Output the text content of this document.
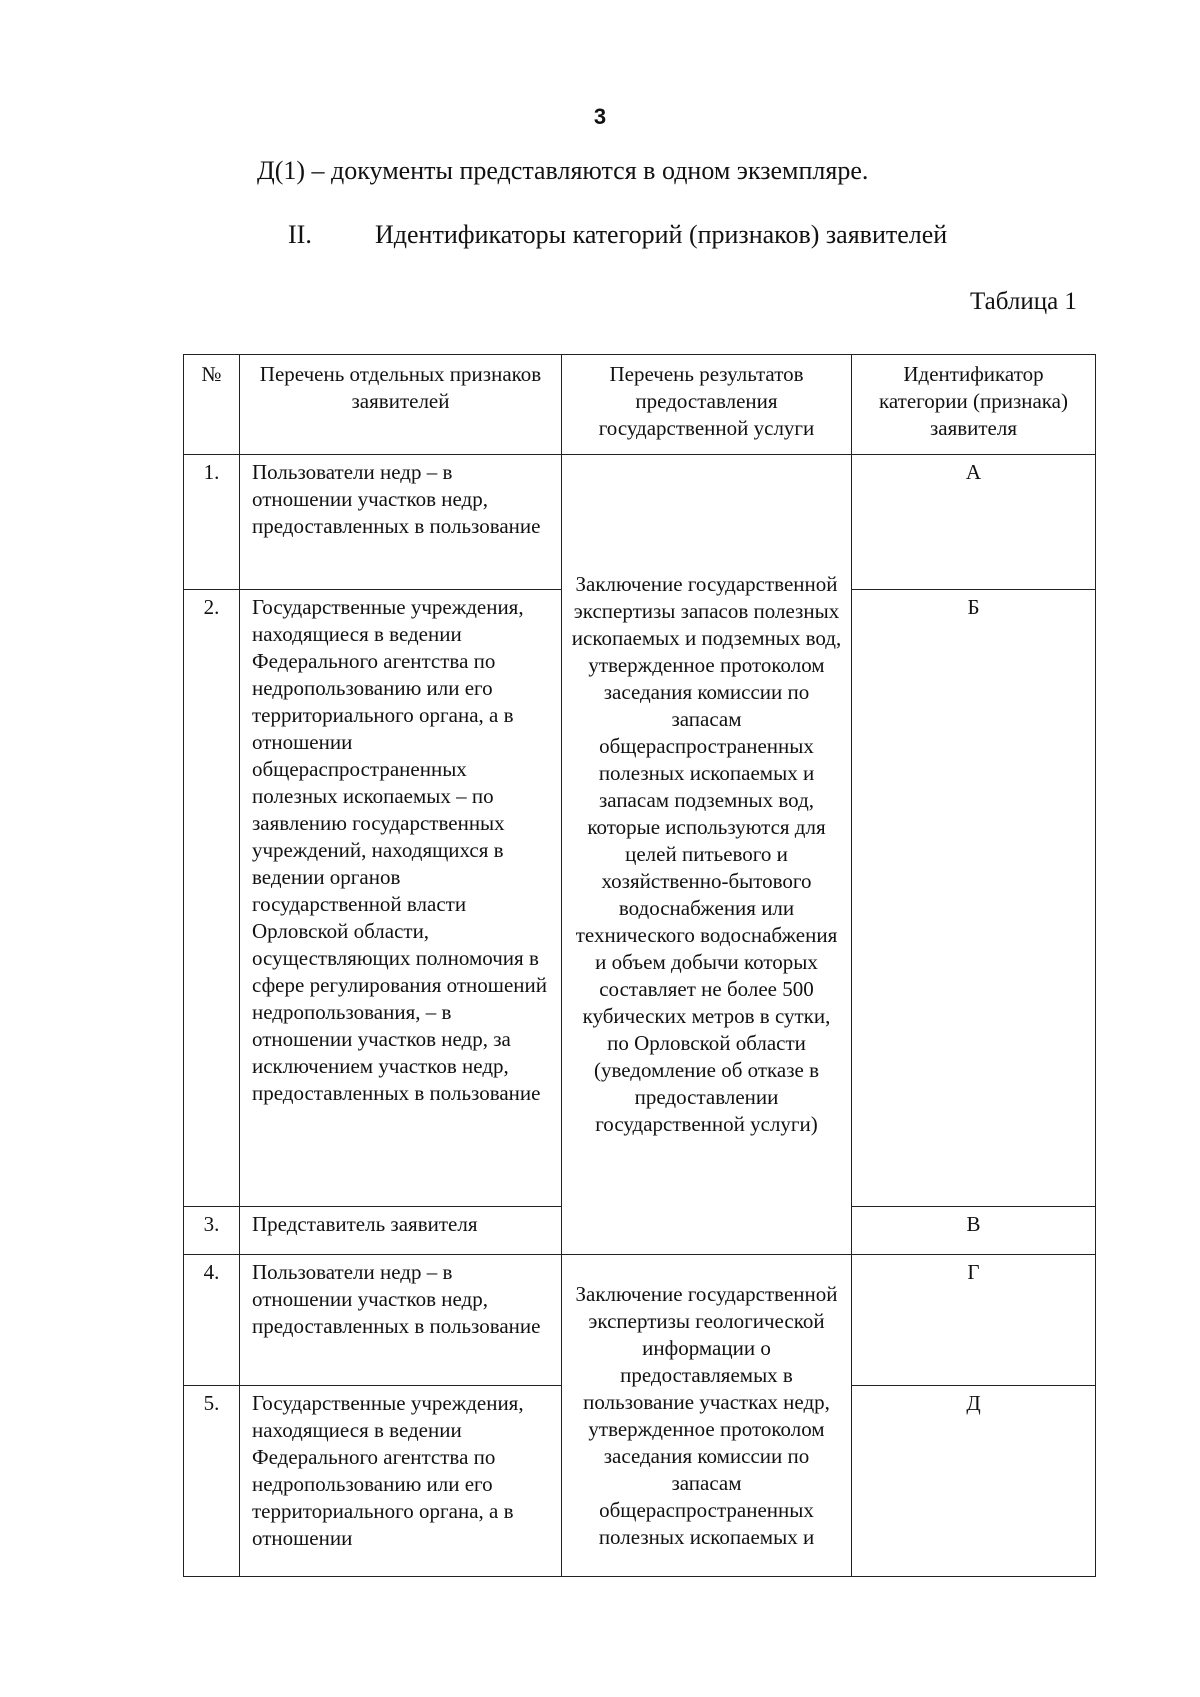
3
Д(1) – документы представляются в одном экземпляре.
II. Идентификаторы категорий (признаков) заявителей
Таблица 1
№	Перечень отдельных признаков заявителей	Перечень результатов предоставления государственной услуги	Идентификатор категории (признака) заявителя
1.	Пользователи недр – в отношении участков недр, предоставленных в пользование	Заключение государственной экспертизы запасов полезных ископаемых и подземных вод, утвержденное протоколом заседания комиссии по запасам общераспространенных полезных ископаемых и запасам подземных вод, которые используются для целей питьевого и хозяйственно-бытового водоснабжения или технического водоснабжения и объем добычи которых составляет не более 500 кубических метров в сутки, по Орловской области (уведомление об отказе в предоставлении государственной услуги)	А
2.	Государственные учреждения, находящиеся в ведении Федерального агентства по недропользованию или его территориального органа, а в отношении общераспространенных полезных ископаемых – по заявлению государственных учреждений, находящихся в ведении органов государственной власти Орловской области, осуществляющих полномочия в сфере регулирования отношений недропользования, – в отношении участков недр, за исключением участков недр, предоставленных в пользование		Б
3.	Представитель заявителя		В
4.	Пользователи недр – в отношении участков недр, предоставленных в пользование	Заключение государственной экспертизы геологической информации о предоставляемых в пользование участках недр, утвержденное протоколом заседания комиссии по запасам общераспространенных полезных ископаемых и	Г
5.	Государственные учреждения, находящиеся в ведении Федерального агентства по недропользованию или его территориального органа, а в отношении		Д
